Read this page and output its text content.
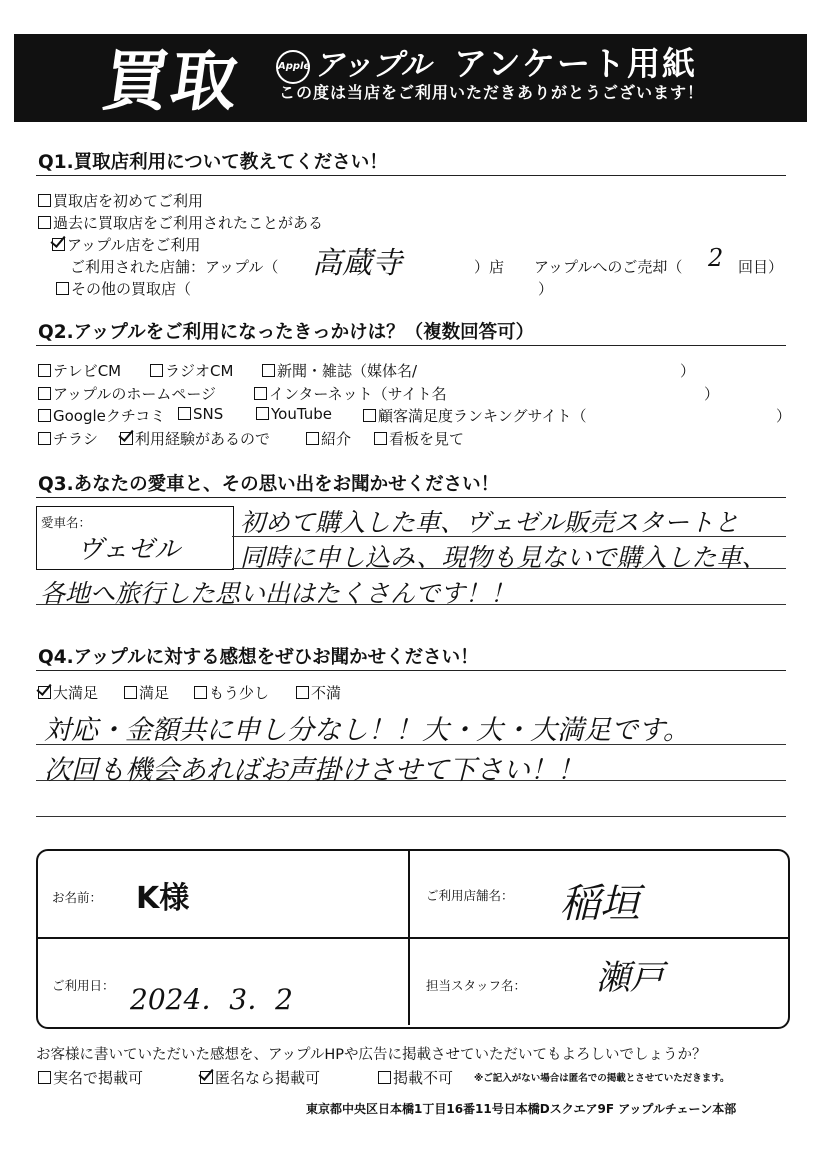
買取	Apple アップル アンケート用紙
この度は当店をご利用いただきありがとうございます！
Q1.買取店利用について教えてください！
買取店を初めてご利用
過去に買取店をご利用されたことがある
アップル店をご利用
ご利用された店舗：アップル（ 高蔵寺	）店 アップルへのご売却（ 2 回目）
その他の買取店（	）
Q2.アップルをご利用になったきっかけは？（複数回答可）
テレビCM	ラジオCM	新聞・雑誌（媒体名/	）
アップルのホームページ	インターネット（サイト名	）
Googleクチコミ	SNS	YouTube	顧客満足度ランキングサイト（	）
チラシ	利用経験があるので	紹介	看板を見て
Q3.あなたの愛車と、その思い出をお聞かせください！
愛車名：
ヴェゼル
初めて購入した車、ヴェゼル販売スタートと
同時に申し込み、現物も見ないで購入した車、
各地へ旅行した思い出はたくさんです！！
Q4.アップルに対する感想をぜひお聞かせください！
大満足	満足	もう少し	不満
対応・金額共に申し分なし！！大・大・大満足です。
次回も機会あればお声掛けさせて下さい！！
お名前： K様	ご利用店舗名： 稲垣
ご利用日： 2024．3．2	担当スタッフ名： 瀬戸
お客様に書いていただいた感想を、アップルHPや広告に掲載させていただいてもよろしいでしょうか？
実名で掲載可	匿名なら掲載可	掲載不可 ※ご記入がない場合は匿名での掲載とさせていただきます。
東京都中央区日本橋1丁目16番11号日本橋Dスクエア9F アップルチェーン本部
